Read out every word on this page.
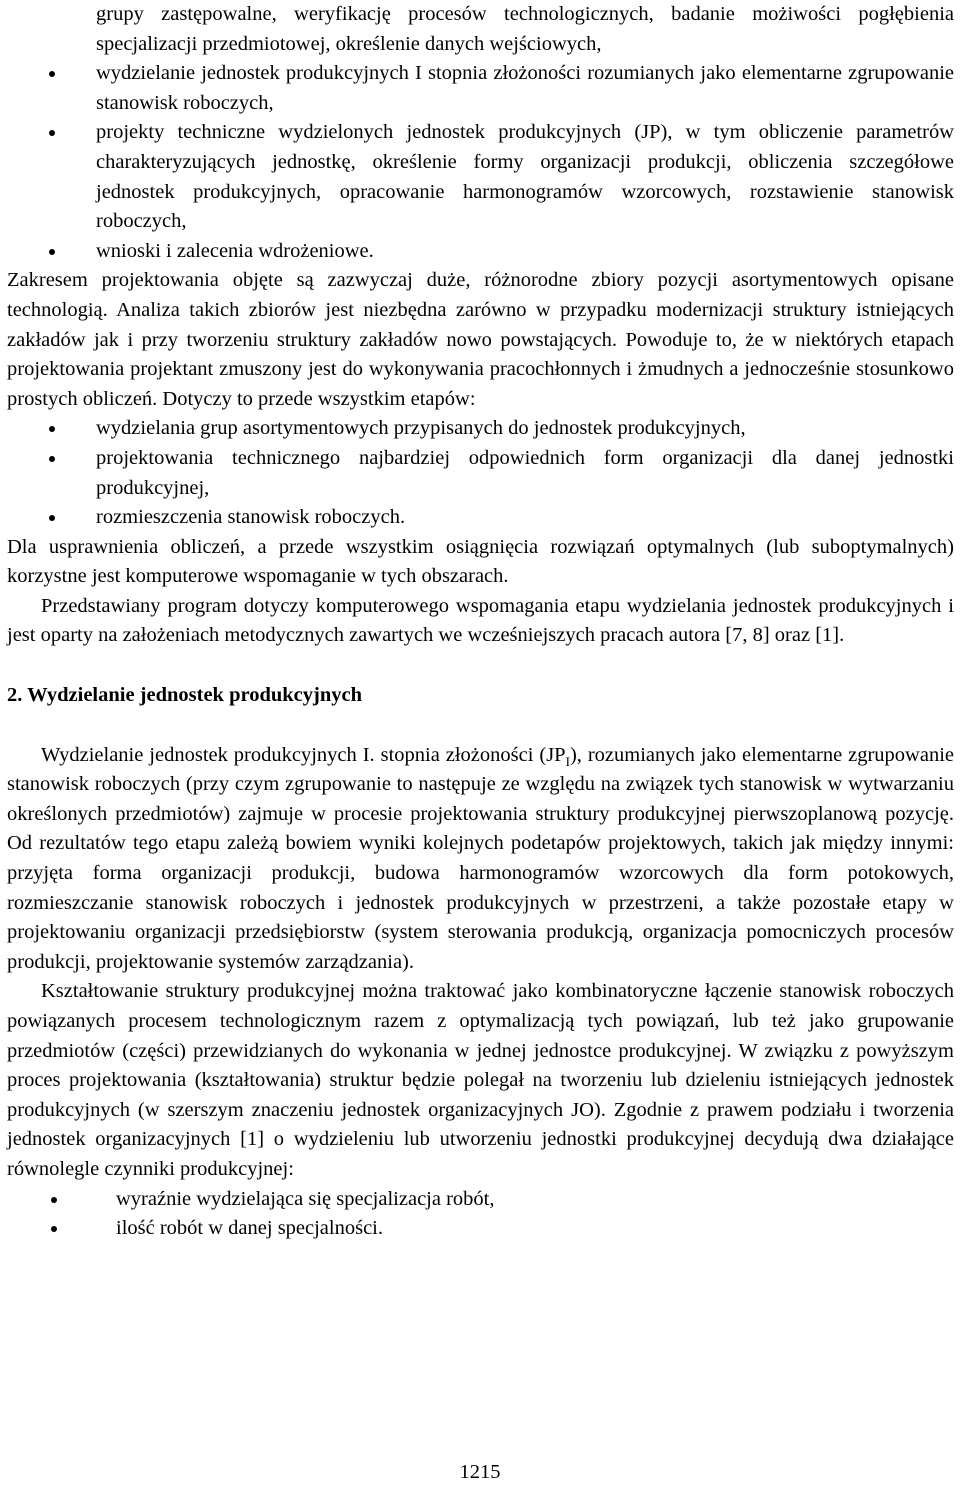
grupy zastępowalne, weryfikację procesów technologicznych, badanie możiwości pogłębienia specjalizacji przedmiotowej, określenie danych wejściowych,

wydzielanie jednostek produkcyjnych I stopnia złożoności rozumianych jako elementarne zgrupowanie stanowisk roboczych,
projekty techniczne wydzielonych jednostek produkcyjnych (JP), w tym obliczenie parametrów charakteryzujących jednostkę, określenie formy organizacji produkcji, obliczenia szczegółowe jednostek produkcyjnych, opracowanie harmonogramów wzorcowych, rozstawienie stanowisk roboczych,
wnioski i zalecenia wdrożeniowe.

Zakresem projektowania objęte są zazwyczaj duże, różnorodne zbiory pozycji asortymentowych opisane technologią. Analiza takich zbiorów jest niezbędna zarówno w przypadku modernizacji struktury istniejących zakładów jak i przy tworzeniu struktury zakładów nowo powstających. Powoduje to, że w niektórych etapach projektowania projektant zmuszony jest do wykonywania pracochłonnych i żmudnych a jednocześnie stosunkowo prostych obliczeń. Dotyczy to przede wszystkim etapów:

wydzielania grup asortymentowych przypisanych do jednostek produkcyjnych,
projektowania technicznego najbardziej odpowiednich form organizacji dla danej jednostki produkcyjnej,
rozmieszczenia stanowisk roboczych.

Dla usprawnienia obliczeń, a przede wszystkim osiągnięcia rozwiązań optymalnych (lub suboptymalnych) korzystne jest komputerowe wspomaganie w tych obszarach.

Przedstawiany program dotyczy komputerowego wspomagania etapu wydzielania jednostek produkcyjnych i jest oparty na założeniach metodycznych zawartych we wcześniejszych pracach autora [7, 8] oraz [1].

2. Wydzielanie jednostek produkcyjnych

Wydzielanie jednostek produkcyjnych I. stopnia złożoności $(JP_I)$, rozumianych jako elementarne zgrupowanie stanowisk roboczych (przy czym zgrupowanie to następuje ze względu na związek tych stanowisk w wytwarzaniu określonych przedmiotów) zajmuje w procesie projektowania struktury produkcyjnej pierwszoplanową pozycję. Od rezultatów tego etapu zależą bowiem wyniki kolejnych podetapów projektowych, takich jak między innymi: przyjęta forma organizacji produkcji, budowa harmonogramów wzorcowych dla form potokowych, rozmieszczanie stanowisk roboczych i jednostek produkcyjnych w przestrzeni, a także pozostałe etapy w projektowaniu organizacji przedsiębiorstw (system sterowania produkcją, organizacja pomocniczych procesów produkcji, projektowanie systemów zarządzania).

Kształtowanie struktury produkcyjnej można traktować jako kombinatoryczne łączenie stanowisk roboczych powiązanych procesem technologicznym razem z optymalizacją tych powiązań, lub też jako grupowanie przedmiotów (części) przewidzianych do wykonania w jednej jednostce produkcyjnej. W związku z powyższym proces projektowania (kształtowania) struktur będzie polegał na tworzeniu lub dzieleniu istniejących jednostek produkcyjnych (w szerszym znaczeniu jednostek organizacyjnych JO). Zgodnie z prawem podziału i tworzenia jednostek organizacyjnych [1] o wydzieleniu lub utworzeniu jednostki produkcyjnej decydują dwa działające równolegle czynniki produkcyjnej:

wyraźnie wydzielająca się specjalizacja robót,
ilość robót w danej specjalności.
1215
